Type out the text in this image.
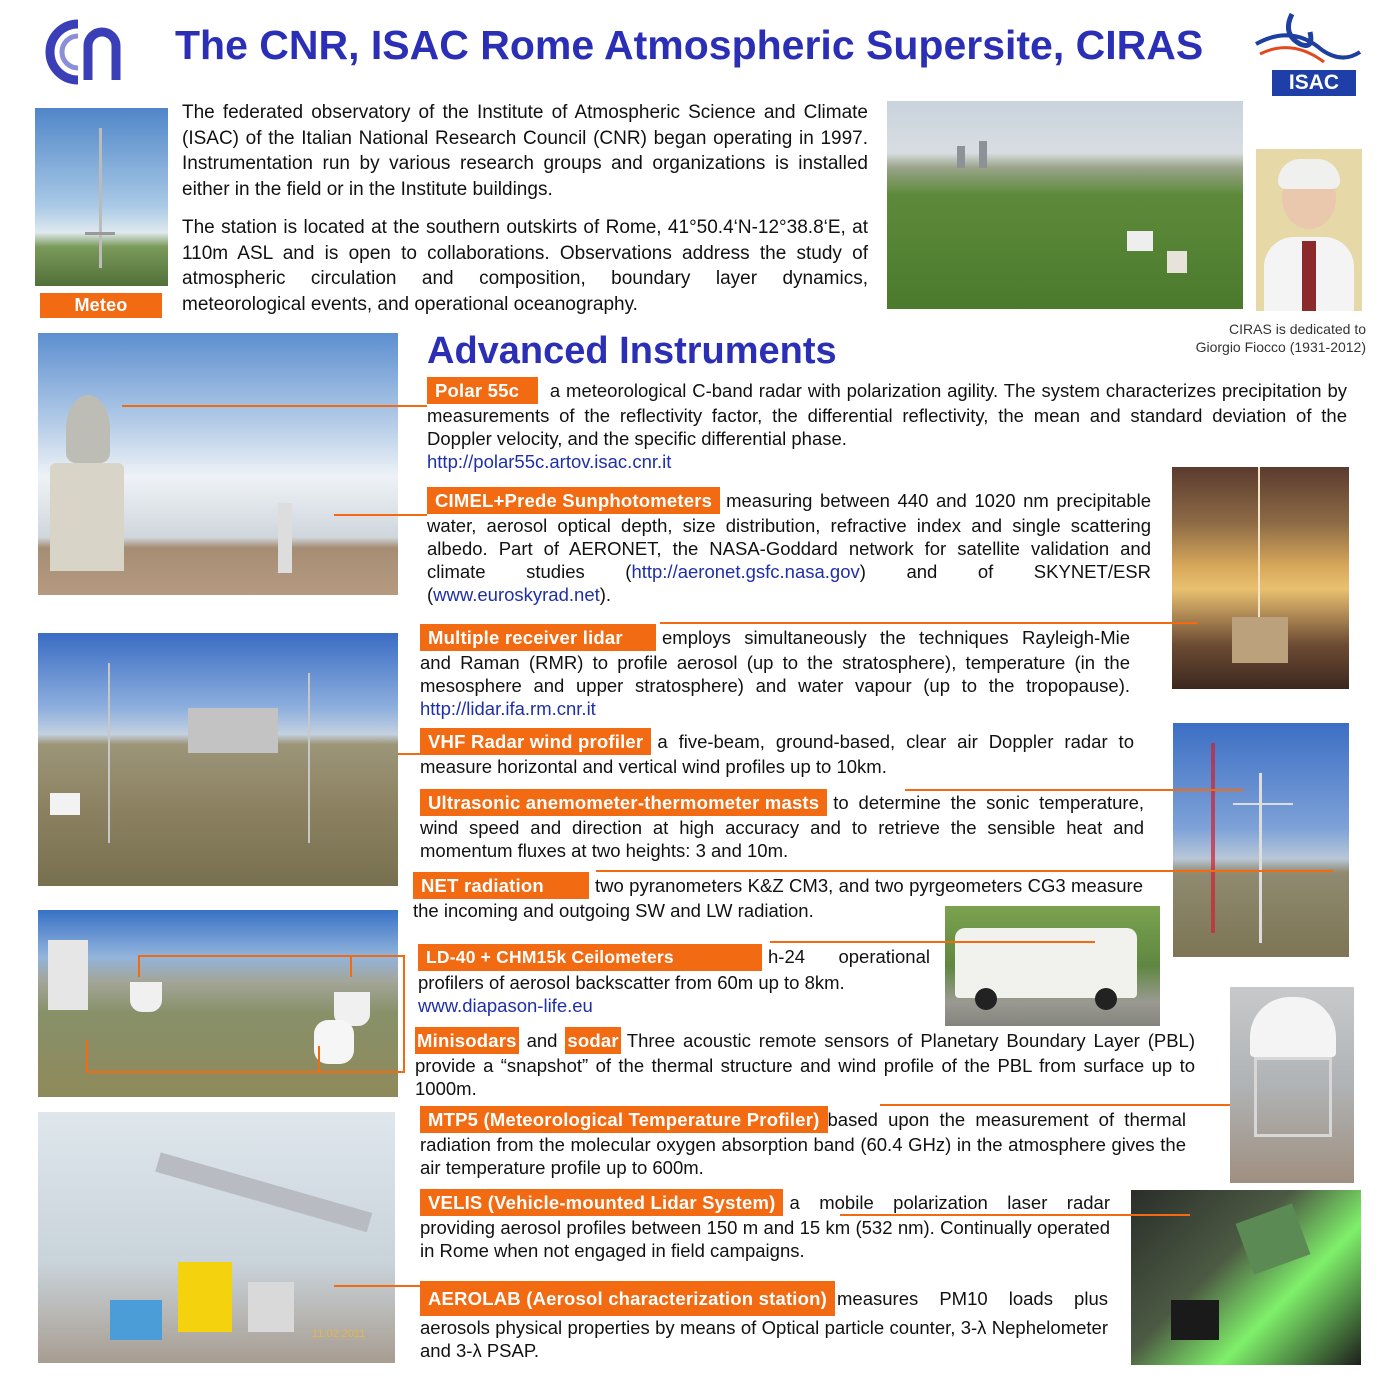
The CNR, ISAC Rome Atmospheric Supersite, CIRAS
ISAC
Meteo

The federated observatory of the Institute of Atmospheric Science and Climate (ISAC) of the Italian National Research Council (CNR) began operating in 1997. Instrumentation run by various research groups and organizations is installed either in the field or in the Institute buildings.

The station is located at the southern outskirts of Rome, 41°50.4‘N-12°38.8‘E, at 110m ASL and is open to collaborations. Observations address the study of atmospheric circulation and composition, boundary layer dynamics, meteorological events, and operational oceanography.

CIRAS is dedicated to
Giorgio Fiocco (1931-2012)
Advanced Instruments
11.02.2011
Polar 55c a meteorological C-band radar with polarization agility. The system characterizes precipitation by measurements of the reflectivity factor, the differential reflectivity, the mean and standard deviation of the Doppler velocity, and the specific differential phase.
http://polar55c.artov.isac.cnr.it
CIMEL+Prede Sunphotometers measuring between 440 and 1020 nm precipitable water, aerosol optical depth, size distribution, refractive index and single scattering albedo. Part of AERONET, the NASA-Goddard network for satellite validation and climate studies (http://aeronet.gsfc.nasa.gov) and of SKYNET/ESR (www.euroskyrad.net).
Multiple receiver lidar employs simultaneously the techniques Rayleigh-Mie and Raman (RMR) to profile aerosol (up to the stratosphere), temperature (in the mesosphere and upper stratosphere) and water vapour (up to the tropopause). http://lidar.ifa.rm.cnr.it
VHF Radar wind profiler a five-beam, ground-based, clear air Doppler radar to measure horizontal and vertical wind profiles up to 10km.
Ultrasonic anemometer-thermometer masts to determine the sonic temperature, wind speed and direction at high accuracy and to retrieve the sensible heat and momentum fluxes at two heights: 3 and 10m.
NET radiation	two pyranometers K&Z CM3, and two pyrgeometers CG3 measure the incoming and outgoing SW and LW radiation.
LD-40 + CHM15k Ceilometers	h-24 operational profilers of aerosol backscatter from 60m up to 8km.
www.diapason-life.eu
Minisodars and sodar Three acoustic remote sensors of Planetary Boundary Layer (PBL) provide a “snapshot” of the thermal structure and wind profile of the PBL from surface up to 1000m.
MTP5 (Meteorological Temperature Profiler) based upon the measurement of thermal radiation from the molecular oxygen absorption band (60.4 GHz) in the atmosphere gives the air temperature profile up to 600m.
VELIS (Vehicle-mounted Lidar System) a mobile polarization laser radar providing aerosol profiles between 150 m and 15 km (532 nm). Continually operated in Rome when not engaged in field campaigns.
AEROLAB (Aerosol characterization station) measures PM10 loads plus aerosols physical properties by means of Optical particle counter, 3-λ Nephelometer and 3-λ PSAP.
